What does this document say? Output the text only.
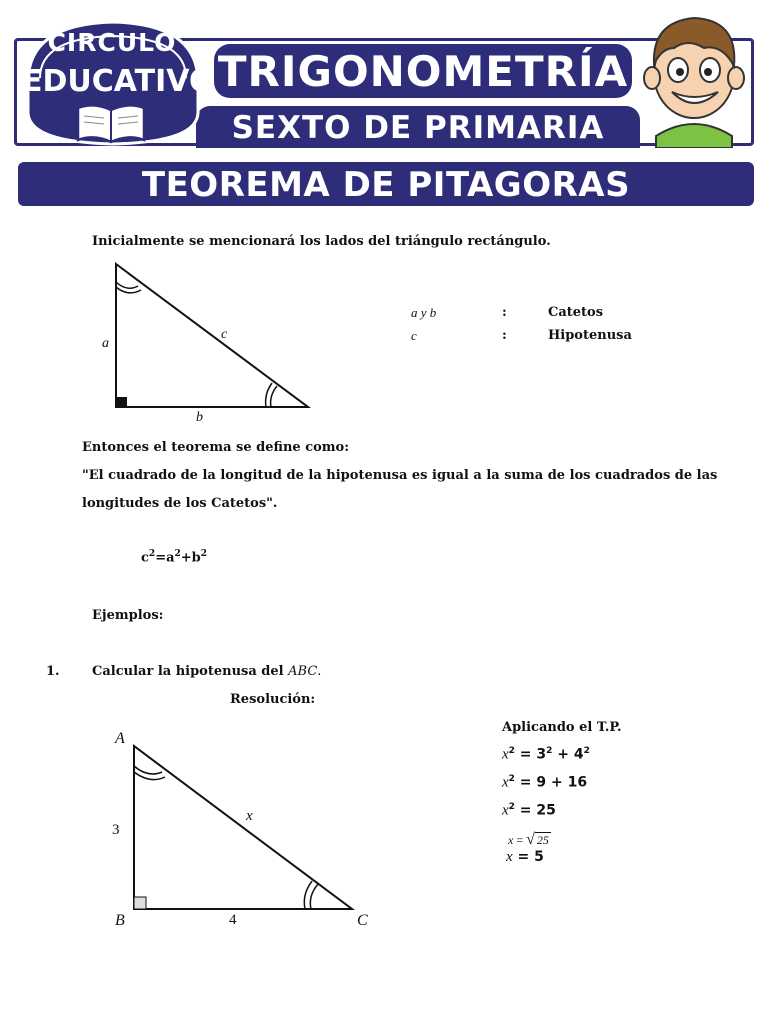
TRIGONOMETRÍA
SEXTO DE PRIMARIA
CIRCULO
EDUCATIVO
TEOREMA DE PITAGORAS
Inicialmente se mencionará los lados del triángulo rectángulo.
a
b
c
a y b	:	Catetos
c	:	Hipotenusa
Entonces el teorema se define como:
"El cuadrado de la longitud de la hipotenusa es igual a la suma de los cuadrados de las
longitudes de los Catetos".
$c^2=a^2+b^2$
Ejemplos:
1. Calcular la hipotenusa del ABC.
Resolución:
A
B	C
3
4
x
Aplicando el T.P.
$x^2 = 3^2 + 4^2$
$x^2 = 9 + 16$
$x^2 = 25$
x = √ 25
x = 5
